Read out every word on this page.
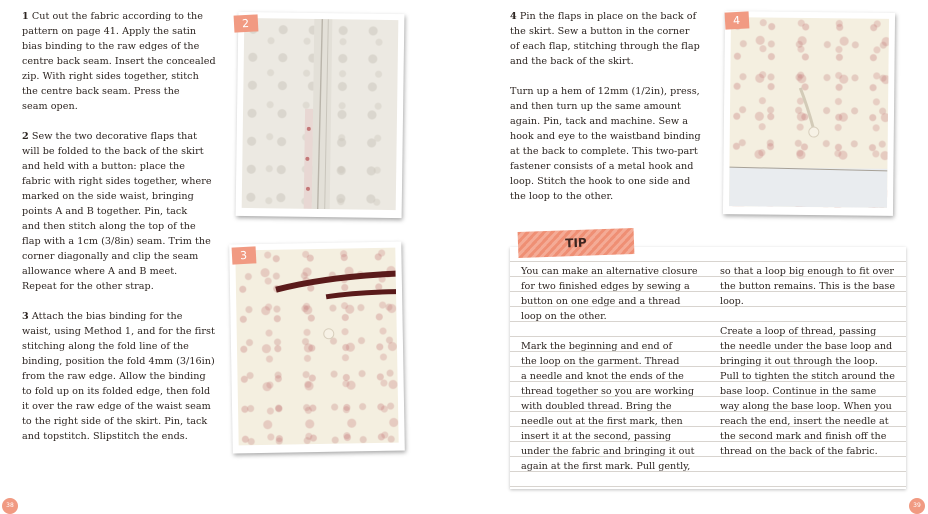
1 Cut out the fabric according to the
pattern on page 41. Apply the satin
bias binding to the raw edges of the
centre back seam. Insert the concealed
zip. With right sides together, stitch
the centre back seam. Press the
seam open.
2 Sew the two decorative flaps that
will be folded to the back of the skirt
and held with a button: place the
fabric with right sides together, where
marked on the side waist, bringing
points A and B together. Pin, tack
and then stitch along the top of the
flap with a 1cm (3/8in) seam. Trim the
corner diagonally and clip the seam
allowance where A and B meet.
Repeat for the other strap.
3 Attach the bias binding for the
waist, using Method 1, and for the first
stitching along the fold line of the
binding, position the fold 4mm (3/16in)
from the raw edge. Allow the binding
to fold up on its folded edge, then fold
it over the raw edge of the waist seam
to the right side of the skirt. Pin, tack
and topstitch. Slipstitch the ends.
2
3
38
4 Pin the flaps in place on the back of
the skirt. Sew a button in the corner
of each flap, stitching through the flap
and the back of the skirt.
Turn up a hem of 12mm (1/2in), press,
and then turn up the same amount
again. Pin, tack and machine. Sew a
hook and eye to the waistband binding
at the back to complete. This two-part
fastener consists of a metal hook and
loop. Stitch the hook to one side and
the loop to the other.
4
TIP
You can make an alternative closure
for two finished edges by sewing a
button on one edge and a thread
loop on the other.

Mark the beginning and end of
the loop on the garment. Thread
a needle and knot the ends of the
thread together so you are working
with doubled thread. Bring the
needle out at the first mark, then
insert it at the second, passing
under the fabric and bringing it out
again at the first mark. Pull gently,
so that a loop big enough to fit over
the button remains. This is the base
loop.

Create a loop of thread, passing
the needle under the base loop and
bringing it out through the loop.
Pull to tighten the stitch around the
base loop. Continue in the same
way along the base loop. When you
reach the end, insert the needle at
the second mark and finish off the
thread on the back of the fabric.
39
